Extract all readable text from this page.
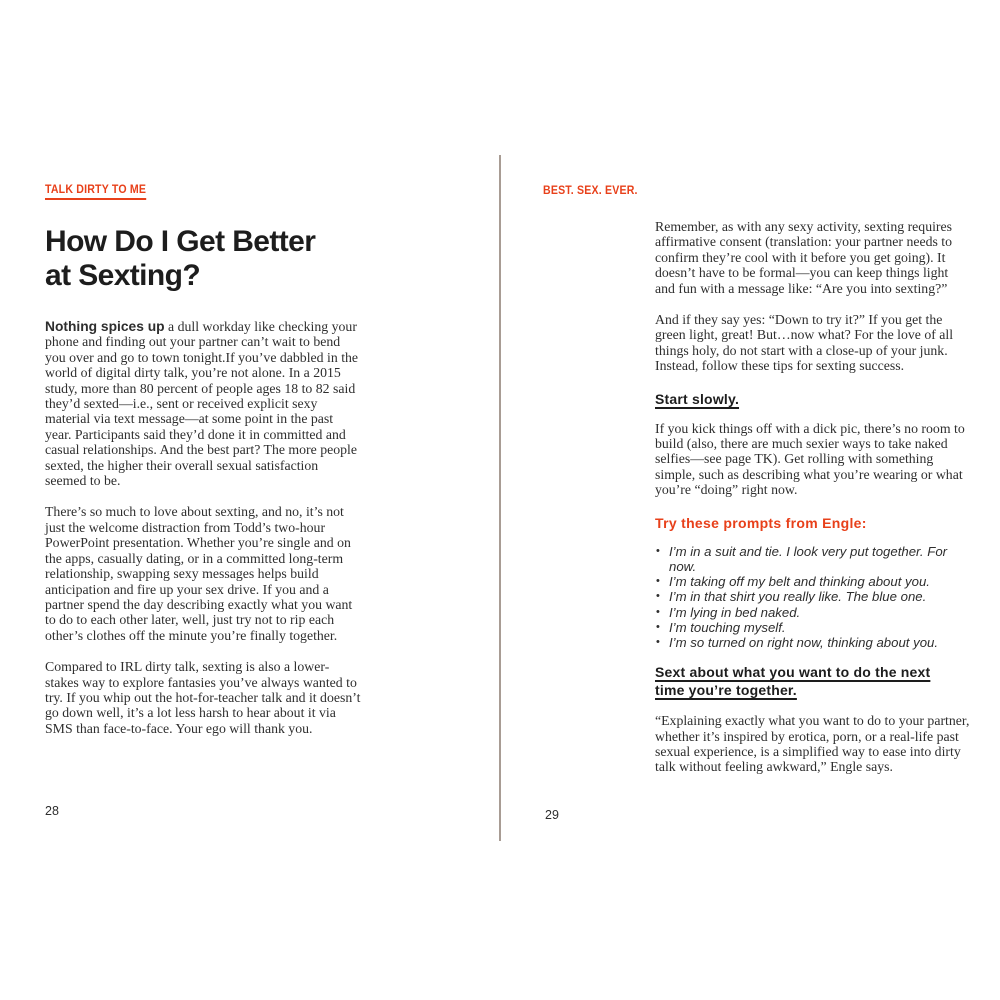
TALK DIRTY TO ME
How Do I Get Better
at Sexting?

Nothing spices up a dull workday like checking your phone and finding out your partner can’t wait to bend you over and go to town tonight.If you’ve dabbled in the world of digital dirty talk, you’re not alone. In a 2015 study, more than 80 percent of people ages 18 to 82 said they’d sexted—i.e., sent or received explicit sexy material via text message—at some point in the past year. Participants said they’d done it in committed and casual relationships. And the best part? The more people sexted, the higher their overall sexual satisfaction seemed to be.

There’s so much to love about sexting, and no, it’s not just the welcome distraction from Todd’s two-hour PowerPoint presentation. Whether you’re single and on the apps, casually dating, or in a committed long-term relationship, swapping sexy messages helps build anticipation and fire up your sex drive. If you and a partner spend the day describing exactly what you want to do to each other later, well, just try not to rip each other’s clothes off the minute you’re finally together.

Compared to IRL dirty talk, sexting is also a lower-stakes way to explore fantasies you’ve always wanted to try. If you whip out the hot-for-teacher talk and it doesn’t go down well, it’s a lot less harsh to hear about it via SMS than face-to-face. Your ego will thank you.

28
BEST. SEX. EVER.

Remember, as with any sexy activity, sexting requires affirmative consent (translation: your partner needs to confirm they’re cool with it before you get going). It doesn’t have to be formal—you can keep things light and fun with a message like: “Are you into sexting?”

And if they say yes: “Down to try it?” If you get the green light, great! But…now what? For the love of all things holy, do not start with a close-up of your junk. Instead, follow these tips for sexting success.

Start slowly.

If you kick things off with a dick pic, there’s no room to build (also, there are much sexier ways to take naked selfies—see page TK). Get rolling with something simple, such as describing what you’re wearing or what you’re “doing” right now.

Try these prompts from Engle:
• I’m in a suit and tie. I look very put together. For now.
• I’m taking off my belt and thinking about you.
• I’m in that shirt you really like. The blue one.
• I’m lying in bed naked.
• I’m touching myself.
• I’m so turned on right now, thinking about you.
Sext about what you want to do the next time you’re together.

“Explaining exactly what you want to do to your partner, whether it’s inspired by erotica, porn, or a real-life past sexual experience, is a simplified way to ease into dirty talk without feeling awkward,” Engle says.

29
